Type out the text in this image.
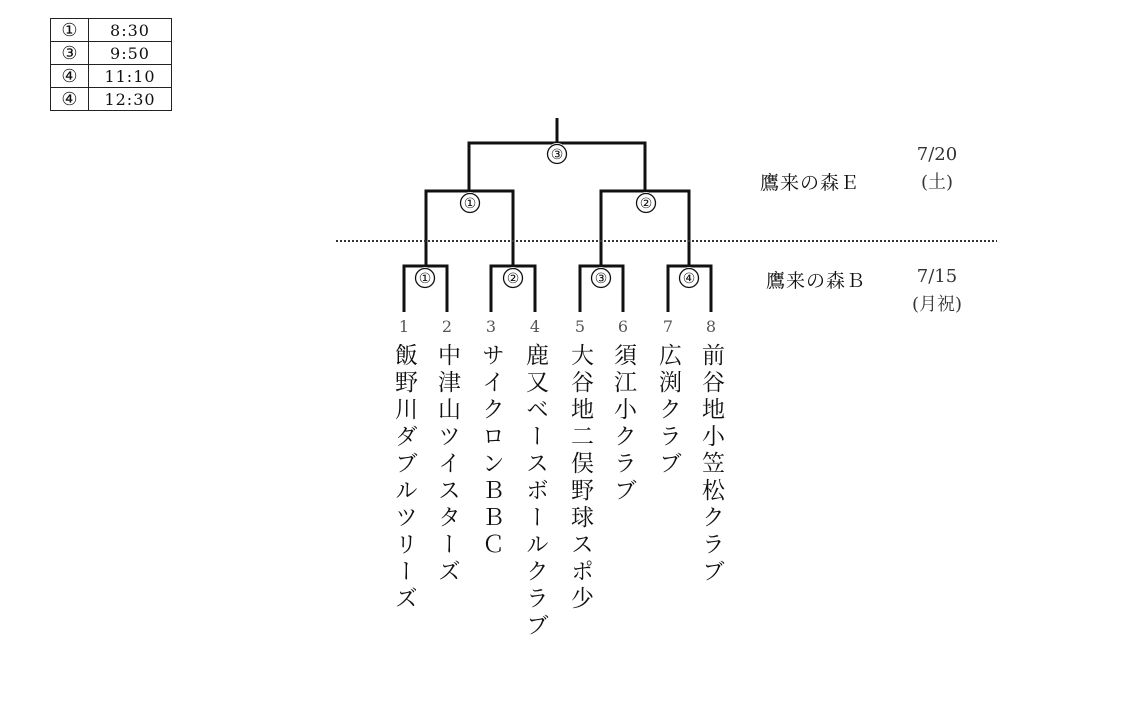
①	8:30
③	9:50
④	11:10
④	12:30
③
①	②
①	②	③	④
鷹来の森Ｅ
7/20
(土)
鷹来の森Ｂ	7/15
(月祝)
1	2	3	4	5	6	7	8
飯野川ダブルツリーズ 中津山ツイスターズ サイクロンＢＢＣ 鹿又ベースボールクラブ 大谷地二俣野球スポ少 須江小クラブ 広渕クラブ 前谷地小笠松クラブ
